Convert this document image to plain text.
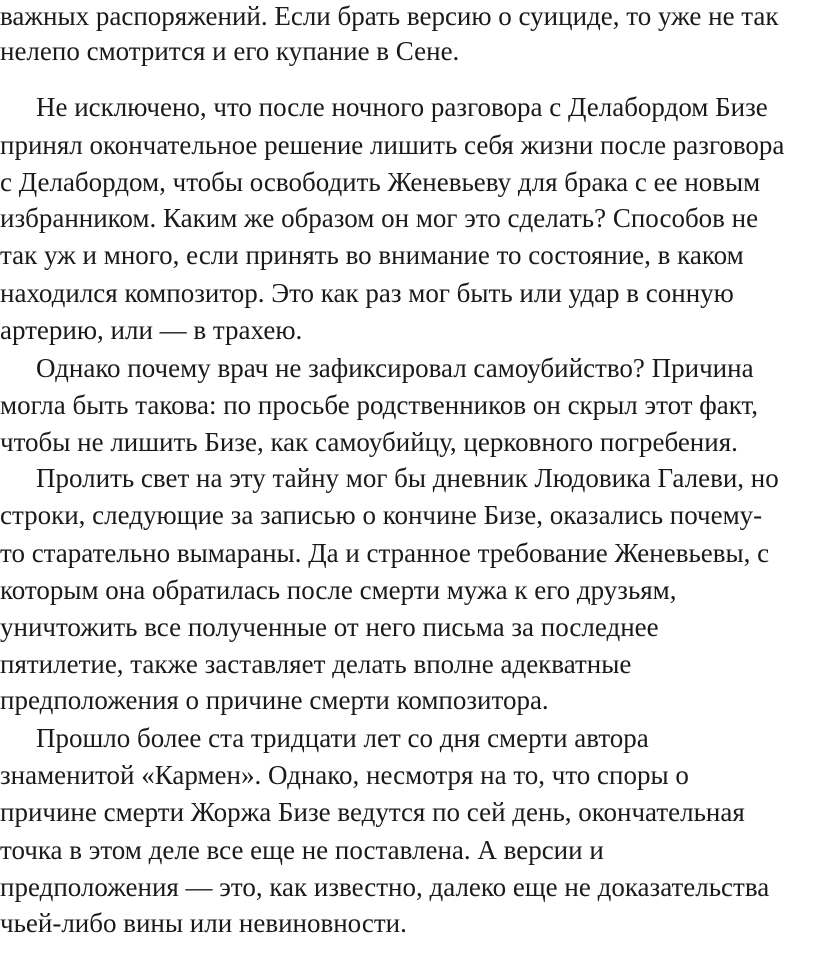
важных распоряжений. Если брать версию о суициде, то уже не так

нелепо смотрится и его купание в Сене.

Не исключено, что после ночного разговора с Делабордом Бизе

принял окончательное решение лишить себя жизни после разговора

с Делабордом, чтобы освободить Женевьеву для брака с ее новым

избранником. Каким же образом он мог это сделать? Способов не

так уж и много, если принять во внимание то состояние, в каком

находился композитор. Это как раз мог быть или удар в сонную

артерию, или — в трахею.

Однако почему врач не зафиксировал самоубийство? Причина

могла быть такова: по просьбе родственников он скрыл этот факт,

чтобы не лишить Бизе, как самоубийцу, церковного погребения.

Пролить свет на эту тайну мог бы дневник Людовика Галеви, но

строки, следующие за записью о кончине Бизе, оказались почему-

то старательно вымараны. Да и странное требование Женевьевы, с

которым она обратилась после смерти мужа к его друзьям,

уничтожить все полученные от него письма за последнее

пятилетие, также заставляет делать вполне адекватные

предположения о причине смерти композитора.

Прошло более ста тридцати лет со дня смерти автора

знаменитой «Кармен». Однако, несмотря на то, что споры о

причине смерти Жоржа Бизе ведутся по сей день, окончательная

точка в этом деле все еще не поставлена. А версии и

предположения — это, как известно, далеко еще не доказательства

чьей-либо вины или невиновности.
